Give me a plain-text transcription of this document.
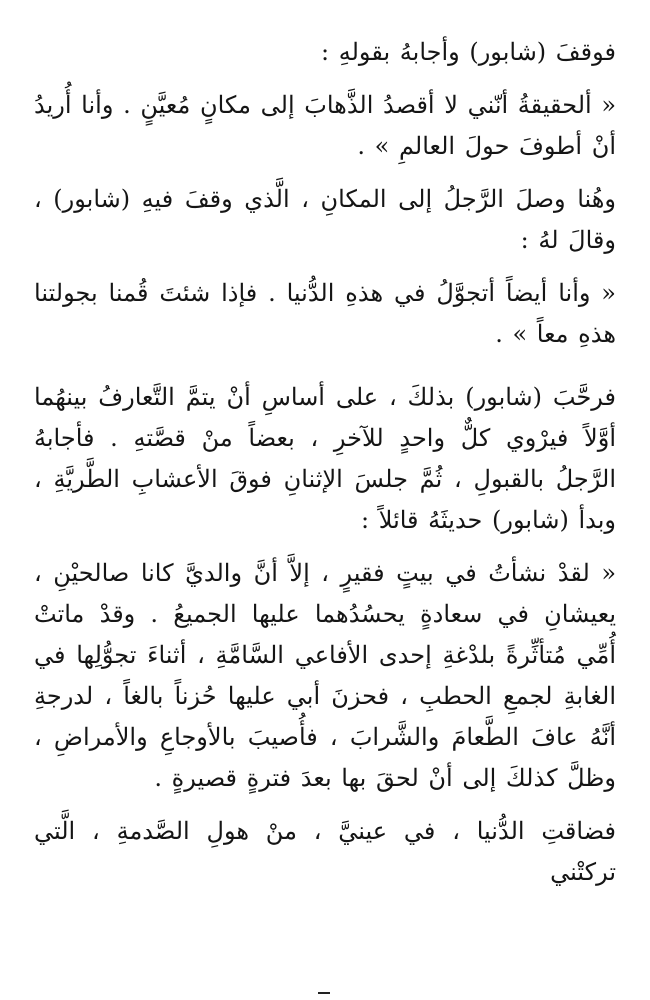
فوقفَ (شابور) وأجابهُ بقولهِ :

« ألحقيقةُ أنّني لا أقصدُ الذَّهابَ إلى مكانٍ مُعيَّنٍ . وأنا أُريدُ أنْ أطوفَ حولَ العالمِ » .

وهُنا وصلَ الرَّجلُ إلى المكانِ ، الَّذي وقفَ فيهِ (شابور) ، وقالَ لهُ :

« وأنا أيضاً أتجوَّلُ في هذهِ الدُّنيا . فإذا شئتَ قُمنا بجولتنا هذهِ معاً » .

فرحَّبَ (شابور) بذلكَ ، على أساسِ أنْ يتمَّ التَّعارفُ بينهُما أوَّلاً فيرْوي كلٌّ واحدٍ للآخرِ ، بعضاً منْ قصَّتهِ . فأجابهُ الرَّجلُ بالقبولِ ، ثُمَّ جلسَ الإثنانِ فوقَ الأعشابِ الطَّريَّةِ ، وبدأ (شابور) حديثَهُ قائلاً :

« لقدْ نشأتُ في بيتٍ فقيرٍ ، إلاَّ أنَّ والديَّ كانا صالحيْنِ ، يعيشانِ في سعادةٍ يحسُدُهما عليها الجميعُ . وقدْ ماتتْ أُمِّي مُتأثِّرةً بلدْغةِ إحدى الأفاعي السَّامَّةِ ، أثناءَ تجوُّلِها في الغابةِ لجمعِ الحطبِ ، فحزنَ أبي عليها حُزناً بالغاً ، لدرجةِ أنَّهُ عافَ الطَّعامَ والشَّرابَ ، فأُصيبَ بالأوجاعِ والأمراضِ ، وظلَّ كذلكَ إلى أنْ لحقَ بها بعدَ فترةٍ قصيرةٍ .

فضاقتِ الدُّنيا ، في عينيَّ ، منْ هولِ الصَّدمةِ ، الَّتي تركتْني
